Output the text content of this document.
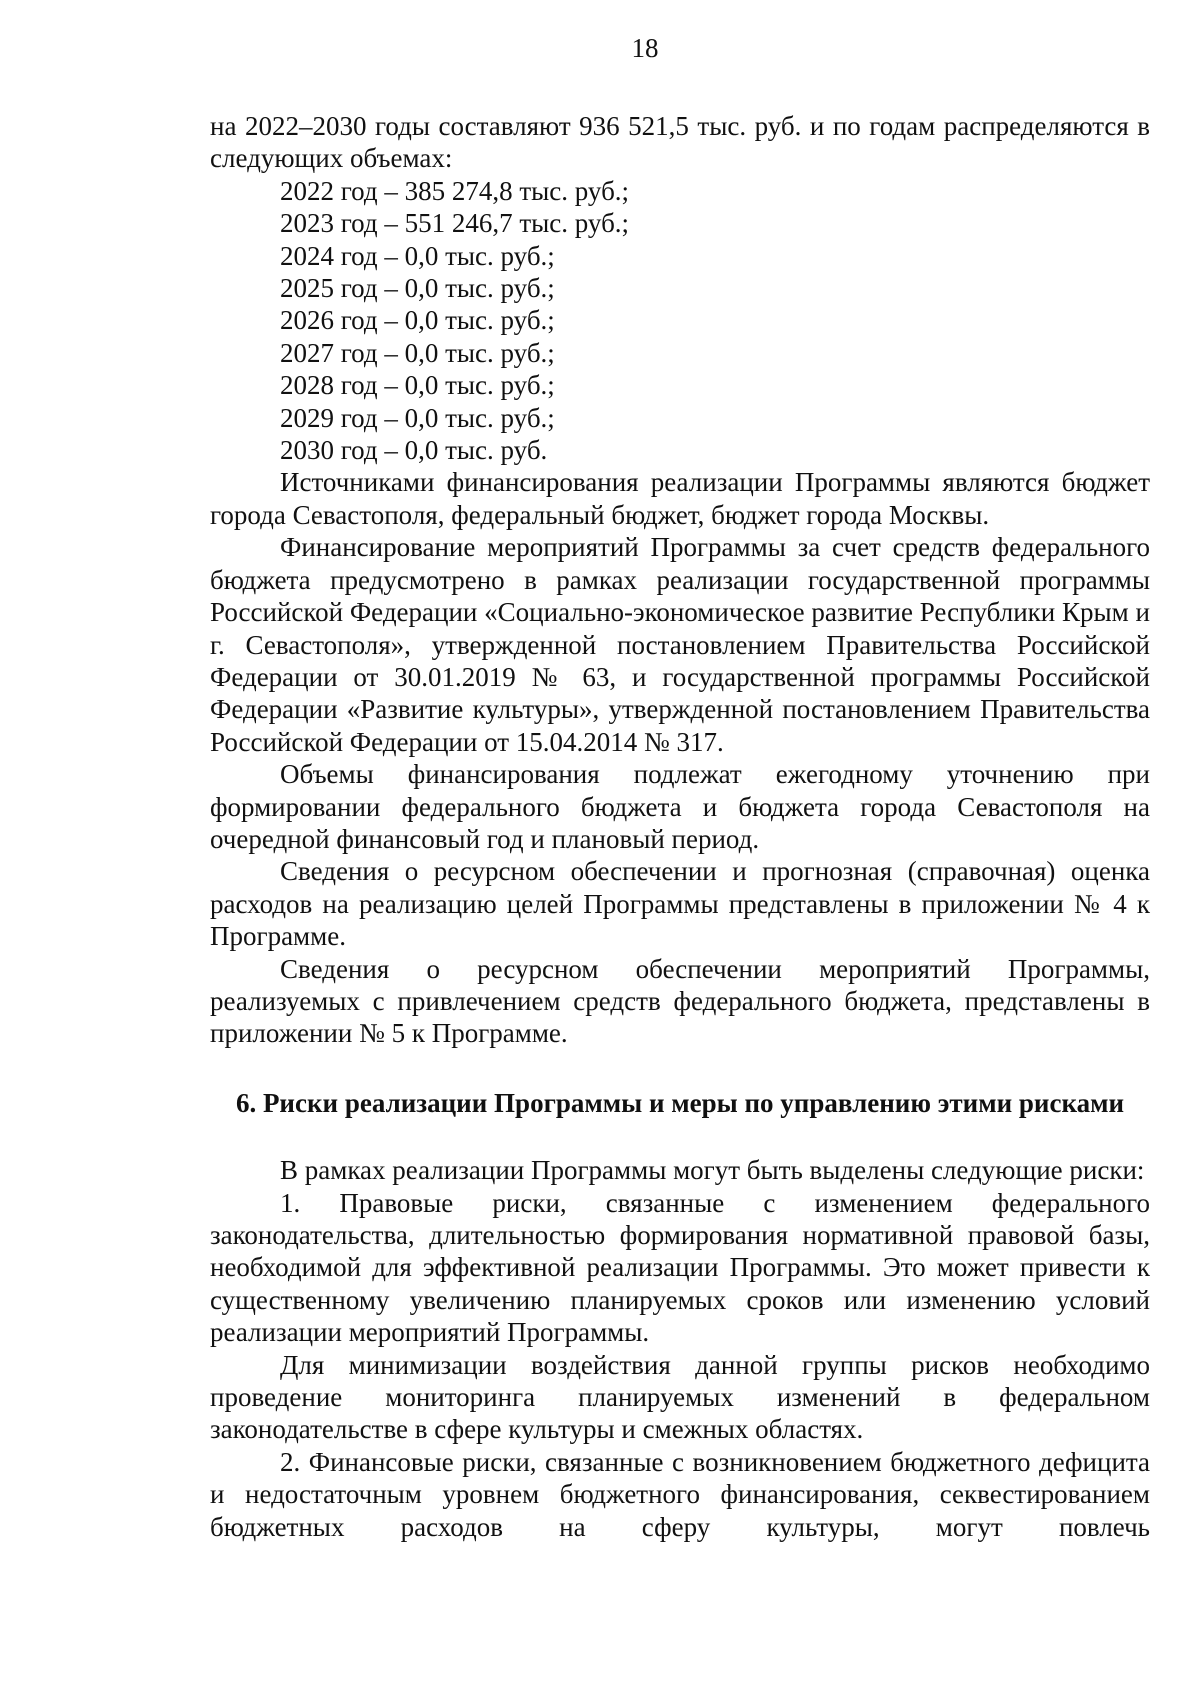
18

на 2022–2030 годы составляют 936 521,5 тыс. руб. и по годам распределяются в следующих объемах:

2022 год – 385 274,8 тыс. руб.;
2023 год – 551 246,7 тыс. руб.;
2024 год – 0,0 тыс. руб.;
2025 год – 0,0 тыс. руб.;
2026 год – 0,0 тыс. руб.;
2027 год – 0,0 тыс. руб.;
2028 год – 0,0 тыс. руб.;
2029 год – 0,0 тыс. руб.;
2030 год – 0,0 тыс. руб.

Источниками финансирования реализации Программы являются бюджет города Севастополя, федеральный бюджет, бюджет города Москвы.

Финансирование мероприятий Программы за счет средств федерального бюджета предусмотрено в рамках реализации государственной программы Российской Федерации «Социально-экономическое развитие Республики Крым и г. Севастополя», утвержденной постановлением Правительства Российской Федерации от 30.01.2019 № 63, и государственной программы Российской Федерации «Развитие культуры», утвержденной постановлением Правительства Российской Федерации от 15.04.2014 № 317.

Объемы финансирования подлежат ежегодному уточнению при формировании федерального бюджета и бюджета города Севастополя на очередной финансовый год и плановый период.

Сведения о ресурсном обеспечении и прогнозная (справочная) оценка расходов на реализацию целей Программы представлены в приложении № 4 к Программе.

Сведения о ресурсном обеспечении мероприятий Программы, реализуемых с привлечением средств федерального бюджета, представлены в приложении № 5 к Программе.

6. Риски реализации Программы и меры по управлению этими рисками

В рамках реализации Программы могут быть выделены следующие риски:

1. Правовые риски, связанные с изменением федерального законодательства, длительностью формирования нормативной правовой базы, необходимой для эффективной реализации Программы. Это может привести к существенному увеличению планируемых сроков или изменению условий реализации мероприятий Программы.

Для минимизации воздействия данной группы рисков необходимо проведение мониторинга планируемых изменений в федеральном законодательстве в сфере культуры и смежных областях.

2. Финансовые риски, связанные с возникновением бюджетного дефицита и недостаточным уровнем бюджетного финансирования, секвестированием бюджетных расходов на сферу культуры, могут повлечь
